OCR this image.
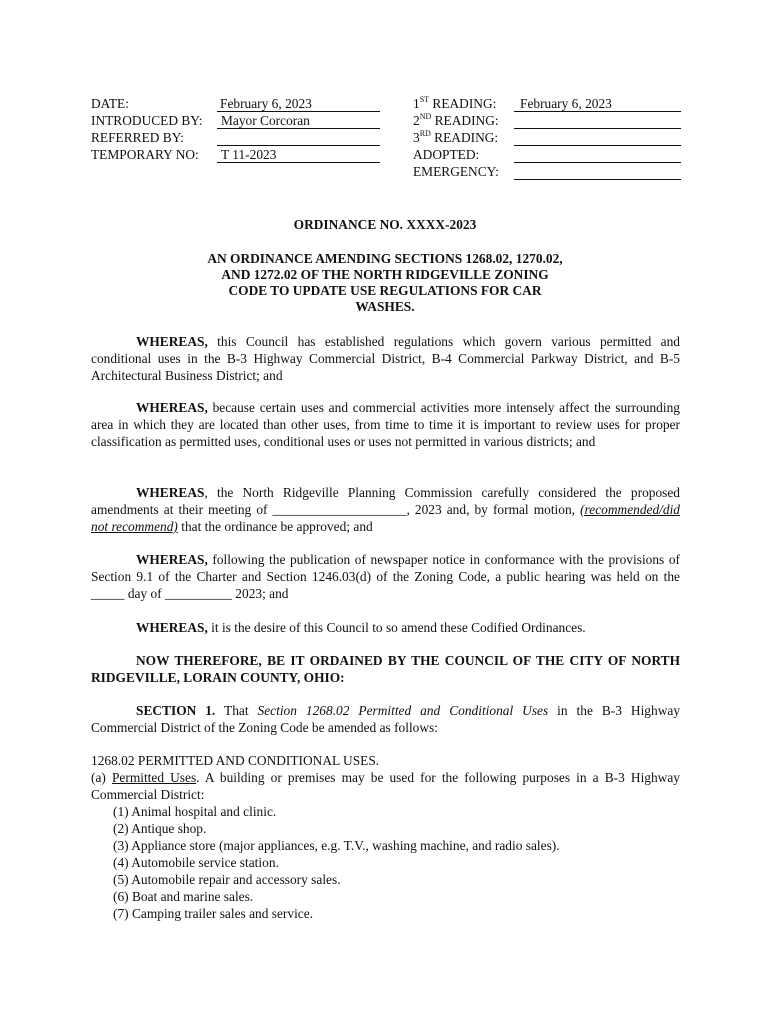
DATE:	February 6, 2023
INTRODUCED BY: Mayor Corcoran
REFERRED BY:
TEMPORARY NO: T 11-2023
1ST READING:	February 6, 2023
2ND READING:
3RD READING:
ADOPTED:
EMERGENCY:
ORDINANCE NO. XXXX-2023
AN ORDINANCE AMENDING SECTIONS 1268.02, 1270.02,
AND 1272.02 OF THE NORTH RIDGEVILLE ZONING
CODE TO UPDATE USE REGULATIONS FOR CAR
WASHES.
WHEREAS, this Council has established regulations which govern various permitted and conditional uses in the B-3 Highway Commercial District, B-4 Commercial Parkway District, and B-5 Architectural Business District; and
WHEREAS, because certain uses and commercial activities more intensely affect the surrounding area in which they are located than other uses, from time to time it is important to review uses for proper classification as permitted uses, conditional uses or uses not permitted in various districts; and
WHEREAS, the North Ridgeville Planning Commission carefully considered the proposed amendments at their meeting of ____________________, 2023 and, by formal motion, (recommended/did not recommend) that the ordinance be approved; and
WHEREAS, following the publication of newspaper notice in conformance with the provisions of Section 9.1 of the Charter and Section 1246.03(d) of the Zoning Code, a public hearing was held on the _____ day of __________ 2023; and
WHEREAS, it is the desire of this Council to so amend these Codified Ordinances.
NOW THEREFORE, BE IT ORDAINED BY THE COUNCIL OF THE CITY OF NORTH RIDGEVILLE, LORAIN COUNTY, OHIO:
SECTION 1. That Section 1268.02 Permitted and Conditional Uses in the B-3 Highway Commercial District of the Zoning Code be amended as follows:
1268.02 PERMITTED AND CONDITIONAL USES.
(a) Permitted Uses. A building or premises may be used for the following purposes in a B-3 Highway Commercial District:
(1) Animal hospital and clinic.
(2) Antique shop.
(3) Appliance store (major appliances, e.g. T.V., washing machine, and radio sales).
(4) Automobile service station.
(5) Automobile repair and accessory sales.
(6) Boat and marine sales.
(7) Camping trailer sales and service.
